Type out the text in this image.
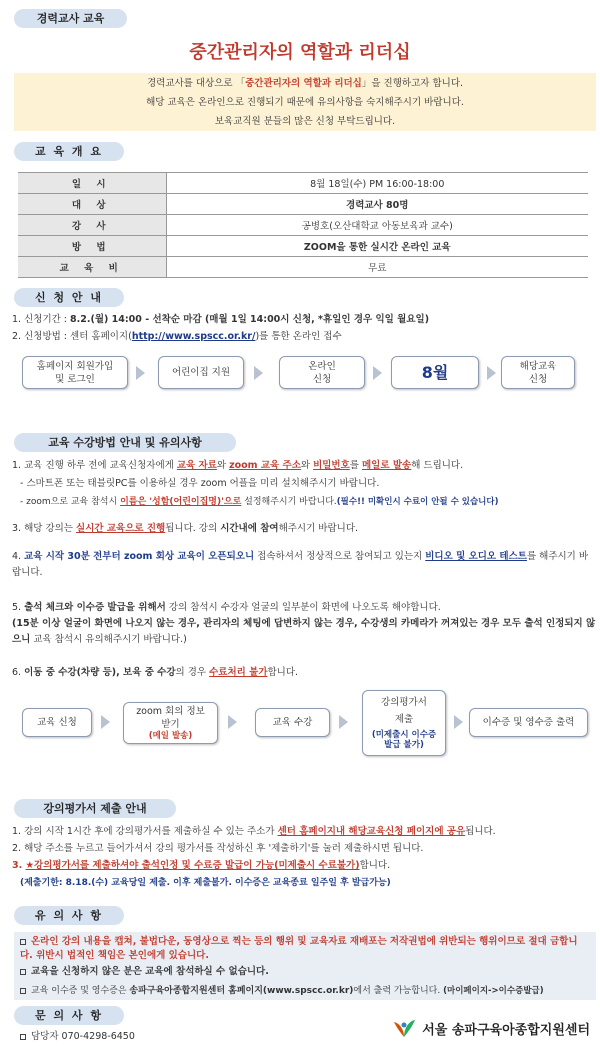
경력교사 교육
중간관리자의 역할과 리더십
경력교사를 대상으로 「중간관리자의 역할과 리더십」을 진행하고자 합니다.
해당 교육은 온라인으로 진행되기 때문에 유의사항을 숙지해주시기 바랍니다.
보육교직원 분들의 많은 신청 부탁드립니다.
교 육 개 요
일 시	8월 18일(수) PM 16:00-18:00
대 상	경력교사 80명
강 사	공병호(오산대학교 아동보육과 교수)
방 법	ZOOM을 통한 실시간 온라인 교육
교 육 비	무료
신 청 안 내
1. 신청기간 : 8.2.(월) 14:00 - 선착순 마감 (매월 1일 14:00시 신청, *휴일인 경우 익일 월요일)
2. 신청방법 : 센터 홈페이지(http://www.spscc.or.kr/)를 통한 온라인 접수
홈페이지 회원가입
및 로그인
어린이집 지원
온라인
신청	8월	해당교육
신청
교육 수강방법 안내 및 유의사항
1. 교육 진행 하루 전에 교육신청자에게 교육 자료와 zoom 교육 주소와 비밀번호를 메일로 발송해 드립니다.
- 스마트폰 또는 태블릿PC를 이용하실 경우 zoom 어플을 미리 설치해주시기 바랍니다.
- zoom으로 교육 참석시 이름은 '성함(어린이집명)'으로 설정해주시기 바랍니다.(필수!! 미확인시 수료이 안될 수 있습니다)
3. 해당 강의는 실시간 교육으로 진행됩니다. 강의 시간내에 참여해주시기 바랍니다.
4. 교육 시작 30분 전부터 zoom 회상 교육이 오픈되오니 접속하셔서 정상적으로 참여되고 있는지 비디오 및 오디오 테스트를 해주시기 바랍니다.
5. 출석 체크와 이수증 발급을 위해서 강의 참석시 수강자 얼굴의 일부분이 화면에 나오도록 해야합니다.
(15분 이상 얼굴이 화면에 나오지 않는 경우, 관리자의 체팅에 답변하지 않는 경우, 수강생의 카메라가 꺼져있는 경우 모두 출석 인정되지 않으니 교육 참석시 유의해주시기 바랍니다.)
6. 이동 중 수강(차량 등), 보육 중 수강의 경우 수료처리 불가합니다.
교육 신청
zoom 회의 정보
받기
(메일 발송)
교육 수강
강의평가서
제출
(미제출시 이수증 발급 불가)
이수증 및 영수증 출력
강의평가서 제출 안내
1. 강의 시작 1시간 후에 강의평가서를 제출하실 수 있는 주소가 센터 홈페이지내 해당교육신청 페이지에 공유됩니다.
2. 해당 주소를 누르고 들어가셔서 강의 평가서를 작성하신 후 '제출하기'를 눌러 제출하시면 됩니다.
3. ★강의평가서를 제출하셔야 출석인정 및 수료증 발급이 가능(미제출시 수료불가)합니다.
(제출기한: 8.18.(수) 교육당일 제출. 이후 제출불가. 이수증은 교육종료 일주일 후 발급가능)
유 의 사 항
온라인 강의 내용을 캡쳐, 불법다운, 동영상으로 찍는 등의 행위 및 교육자료 재배포는 저작권법에 위반되는 행위이므로 절대 금합니다. 위반시 법적인 책임은 본인에게 있습니다.
교육을 신청하지 않은 분은 교육에 참석하실 수 없습니다.
교육 이수증 및 영수증은 송파구육아종합지원센터 홈페이지(www.spscc.or.kr)에서 출력 가능합니다. (마이페이지->이수증발급)
문 의 사 항
담당자 070-4298-6450	서울 송파구육아종합지원센터
